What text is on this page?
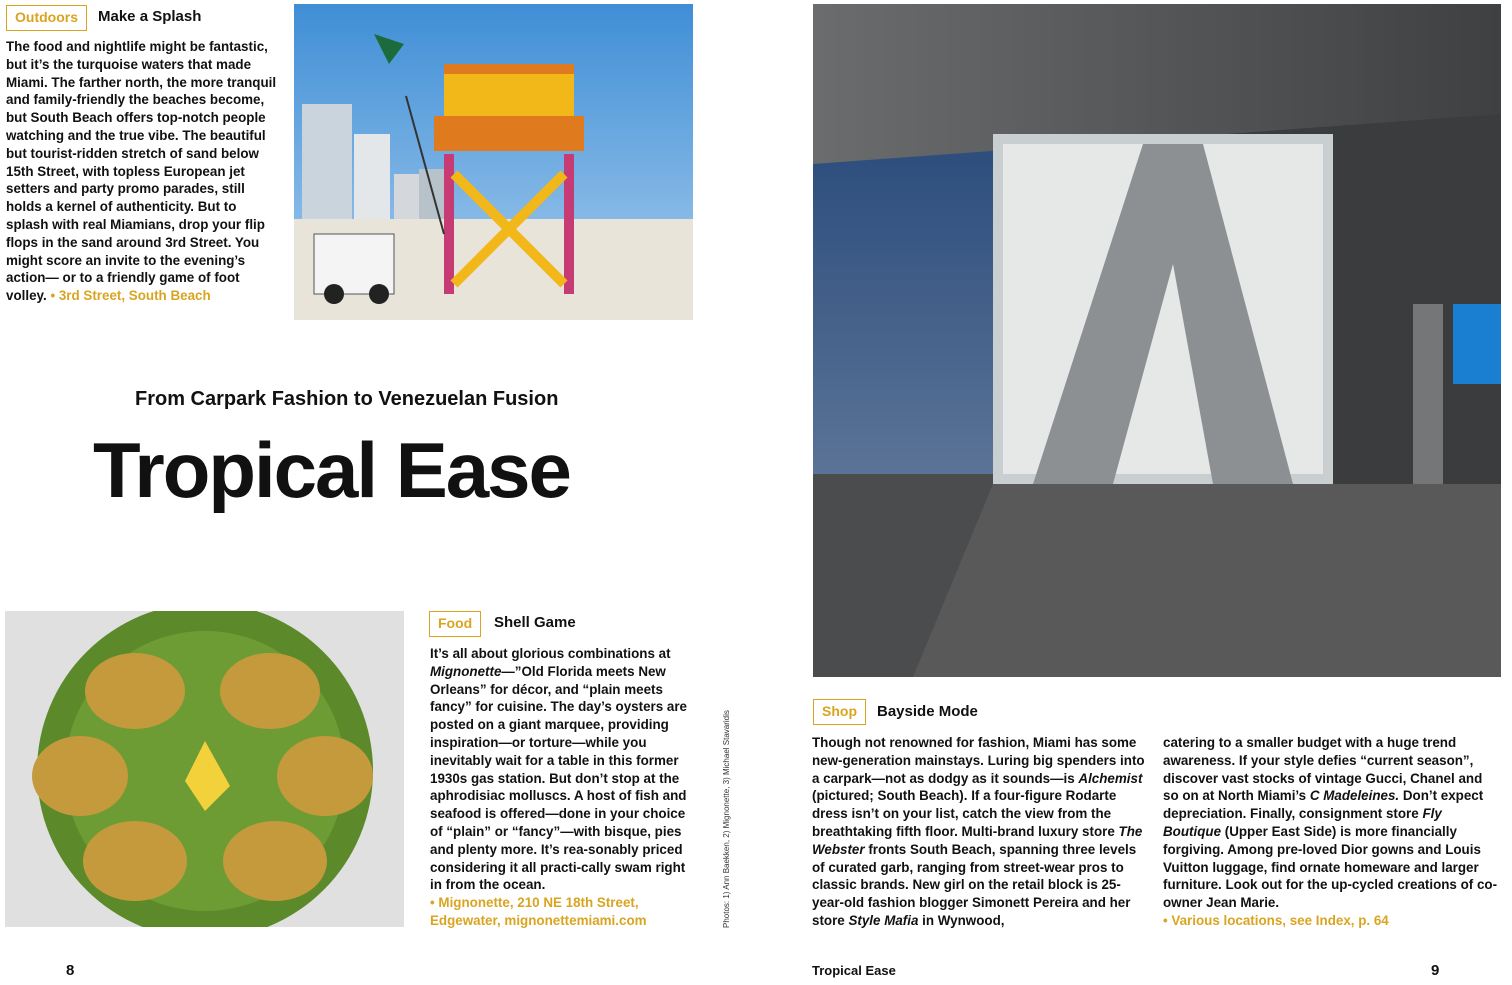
Outdoors	Make a Splash

The food and nightlife might be fantastic, but it’s the turquoise waters that made Miami. The farther north, the more tranquil and family-friendly the beaches become, but South Beach offers top-notch people watching and the true vibe. The beautiful but tourist-ridden stretch of sand below 15th Street, with topless European jet setters and party promo parades, still holds a kernel of authenticity. But to splash with real Miamians, drop your flip flops in the sand around 3rd Street. You might score an invite to the evening’s action— or to a friendly game of foot volley. • 3rd Street, South Beach

From Carpark Fashion to Venezuelan Fusion
Tropical Ease
Food	Shell Game

It’s all about glorious combinations at Mignonette—”Old Florida meets New Orleans” for décor, and “plain meets fancy” for cuisine. The day’s oysters are posted on a giant marquee, providing inspiration—or torture—while you inevitably wait for a table in this former 1930s gas station. But don’t stop at the aphrodisiac molluscs. A host of fish and seafood is offered—done in your choice of “plain” or “fancy”—with bisque, pies and plenty more. It’s rea-sonably priced considering it all practi-cally swam right in from the ocean.

• Mignonette, 210 NE 18th Street, Edgewater, mignonettemiami.com	Photos: 1) Ann Baekken, 2) Mignonette, 3) Michael Stavaridis	Shop	Bayside Mode

Though not renowned for fashion, Miami has some new-generation mainstays. Luring big spenders into a carpark—not as dodgy as it sounds—is Alchemist (pictured; South Beach). If a four-figure Rodarte dress isn’t on your list, catch the view from the breathtaking fifth floor. Multi-brand luxury store The Webster fronts South Beach, spanning three levels of curated garb, ranging from street-wear pros to classic brands. New girl on the retail block is 25-year-old fashion blogger Simonett Pereira and her store Style Mafia in Wynwood,

catering to a smaller budget with a huge trend awareness. If your style defies “current season”, discover vast stocks of vintage Gucci, Chanel and so on at North Miami’s C Madeleines. Don’t expect depreciation. Finally, consignment store Fly Boutique (Upper East Side) is more financially forgiving. Among pre-loved Dior gowns and Louis Vuitton luggage, find ornate homeware and larger furniture. Look out for the up-cycled creations of co-owner Jean Marie.

• Various locations, see Index, p. 64

8	Tropical Ease	9
